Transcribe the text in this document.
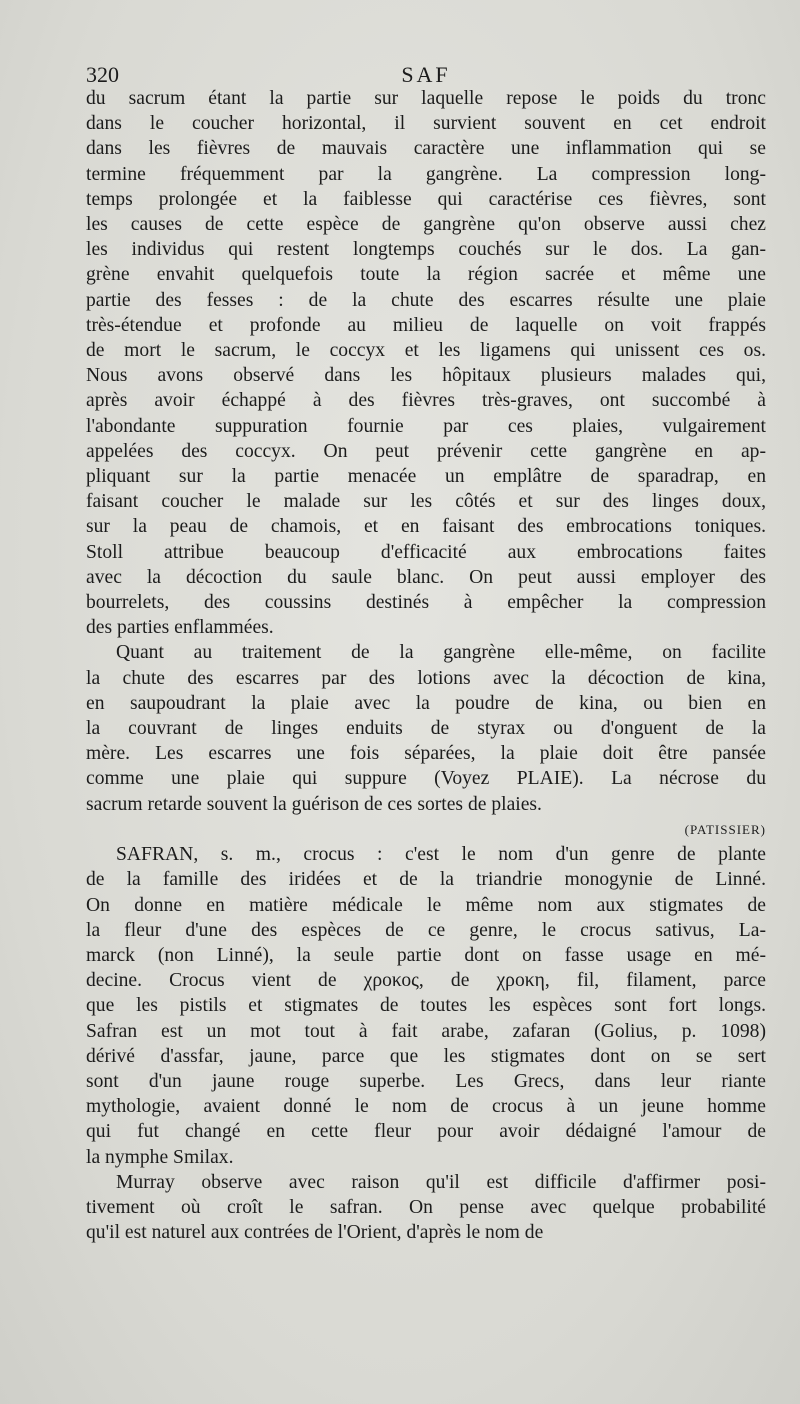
320	SAF

du sacrum étant la partie sur laquelle repose le poids du tronc
dans le coucher horizontal, il survient souvent en cet endroit
dans les fièvres de mauvais caractère une inflammation qui se
termine fréquemment par la gangrène. La compression long-
temps prolongée et la faiblesse qui caractérise ces fièvres, sont
les causes de cette espèce de gangrène qu'on observe aussi chez
les individus qui restent longtemps couchés sur le dos. La gan-
grène envahit quelquefois toute la région sacrée et même une
partie des fesses : de la chute des escarres résulte une plaie
très-étendue et profonde au milieu de laquelle on voit frappés
de mort le sacrum, le coccyx et les ligamens qui unissent ces os.
Nous avons observé dans les hôpitaux plusieurs malades qui,
après avoir échappé à des fièvres très-graves, ont succombé à
l'abondante suppuration fournie par ces plaies, vulgairement
appelées des coccyx. On peut prévenir cette gangrène en ap-
pliquant sur la partie menacée un emplâtre de sparadrap, en
faisant coucher le malade sur les côtés et sur des linges doux,
sur la peau de chamois, et en faisant des embrocations toniques.
Stoll attribue beaucoup d'efficacité aux embrocations faites
avec la décoction du saule blanc. On peut aussi employer des
bourrelets, des coussins destinés à empêcher la compression
des parties enflammées.

Quant au traitement de la gangrène elle-même, on facilite
la chute des escarres par des lotions avec la décoction de kina,
en saupoudrant la plaie avec la poudre de kina, ou bien en
la couvrant de linges enduits de styrax ou d'onguent de la
mère. Les escarres une fois séparées, la plaie doit être pansée
comme une plaie qui suppure (Voyez PLAIE). La nécrose du
sacrum retarde souvent la guérison de ces sortes de plaies.

(PATISSIER)

SAFRAN, s. m., crocus : c'est le nom d'un genre de plante
de la famille des iridées et de la triandrie monogynie de Linné.
On donne en matière médicale le même nom aux stigmates de
la fleur d'une des espèces de ce genre, le crocus sativus, La-
marck (non Linné), la seule partie dont on fasse usage en mé-
decine. Crocus vient de χροκος, de χροκη, fil, filament, parce
que les pistils et stigmates de toutes les espèces sont fort longs.
Safran est un mot tout à fait arabe, zafaran (Golius, p. 1098)
dérivé d'assfar, jaune, parce que les stigmates dont on se sert
sont d'un jaune rouge superbe. Les Grecs, dans leur riante
mythologie, avaient donné le nom de crocus à un jeune homme
qui fut changé en cette fleur pour avoir dédaigné l'amour de
la nymphe Smilax.

Murray observe avec raison qu'il est difficile d'affirmer posi-
tivement où croît le safran. On pense avec quelque probabilité
qu'il est naturel aux contrées de l'Orient, d'après le nom de
